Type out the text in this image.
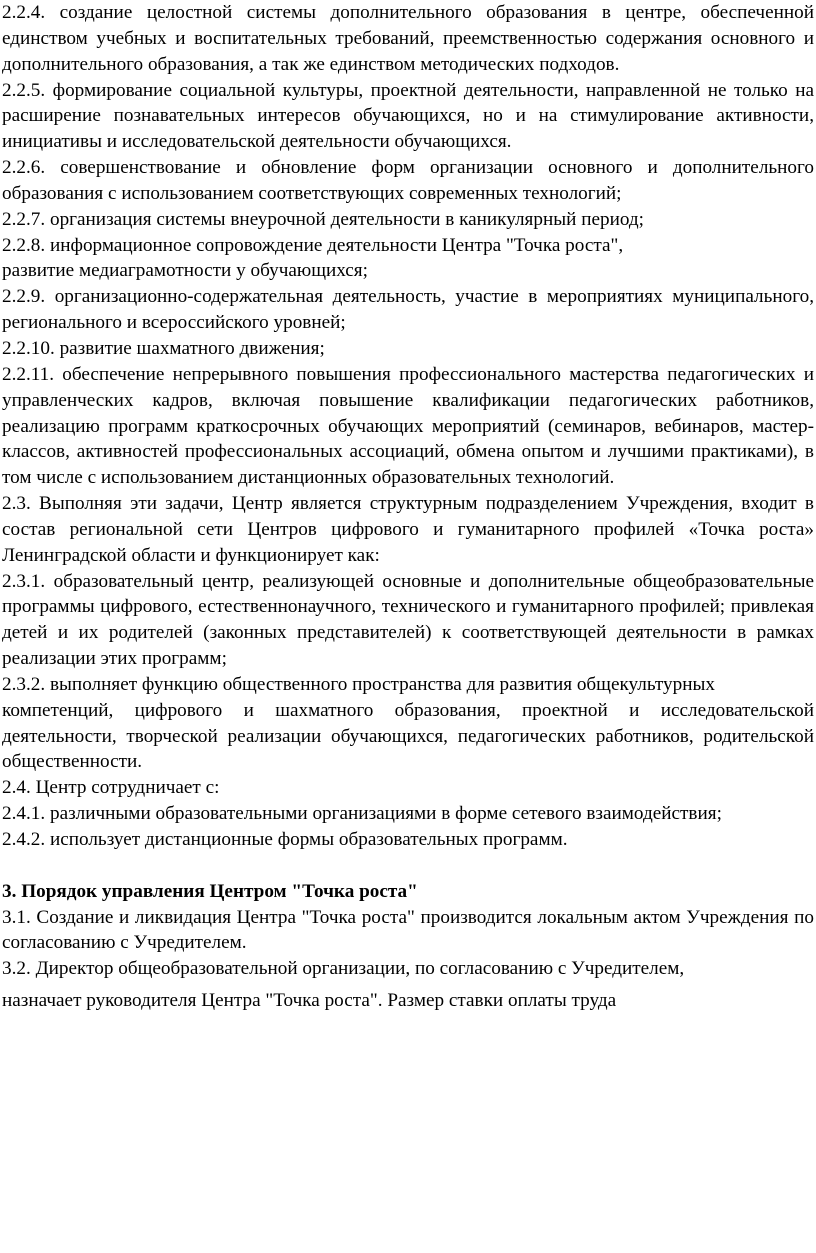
2.2.4. создание целостной системы дополнительного образования в центре, обеспеченной единством учебных и воспитательных требований, преемственностью содержания основного и дополнительного образования, а так же единством методических подходов.

2.2.5. формирование социальной культуры, проектной деятельности, направленной не только на расширение познавательных интересов обучающихся, но и на стимулирование активности, инициативы и исследовательской деятельности обучающихся.

2.2.6. совершенствование и обновление форм организации основного и дополнительного образования с использованием соответствующих современных технологий;

2.2.7. организация системы внеурочной деятельности в каникулярный период;

2.2.8. информационное сопровождение деятельности Центра "Точка роста",

развитие медиаграмотности у обучающихся;

2.2.9. организационно-содержательная деятельность, участие в мероприятиях муниципального, регионального и всероссийского уровней;

2.2.10. развитие шахматного движения;

2.2.11. обеспечение непрерывного повышения профессионального мастерства педагогических и управленческих кадров, включая повышение квалификации педагогических работников, реализацию программ краткосрочных обучающих мероприятий (семинаров, вебинаров, мастер-классов, активностей профессиональных ассоциаций, обмена опытом и лучшими практиками), в том числе с использованием дистанционных образовательных технологий.

2.3. Выполняя эти задачи, Центр является структурным подразделением Учреждения, входит в состав региональной сети Центров цифрового и гуманитарного профилей «Точка роста» Ленинградской области и функционирует как:

2.3.1. образовательный центр, реализующей основные и дополнительные общеобразовательные программы цифрового, естественнонаучного, технического и гуманитарного профилей; привлекая детей и их родителей (законных представителей) к соответствующей деятельности в рамках реализации этих программ;

2.3.2. выполняет функцию общественного пространства для развития общекультурных

компетенций, цифрового и шахматного образования, проектной и исследовательской деятельности, творческой реализации обучающихся, педагогических работников, родительской общественности.

2.4. Центр сотрудничает с:

2.4.1. различными образовательными организациями в форме сетевого взаимодействия;

2.4.2. использует дистанционные формы образовательных программ.

3. Порядок управления Центром "Точка роста"

3.1. Создание и ликвидация Центра "Точка роста" производится локальным актом Учреждения по согласованию с Учредителем.

3.2. Директор общеобразовательной организации, по согласованию с Учредителем,

назначает руководителя Центра "Точка роста". Размер ставки оплаты труда
